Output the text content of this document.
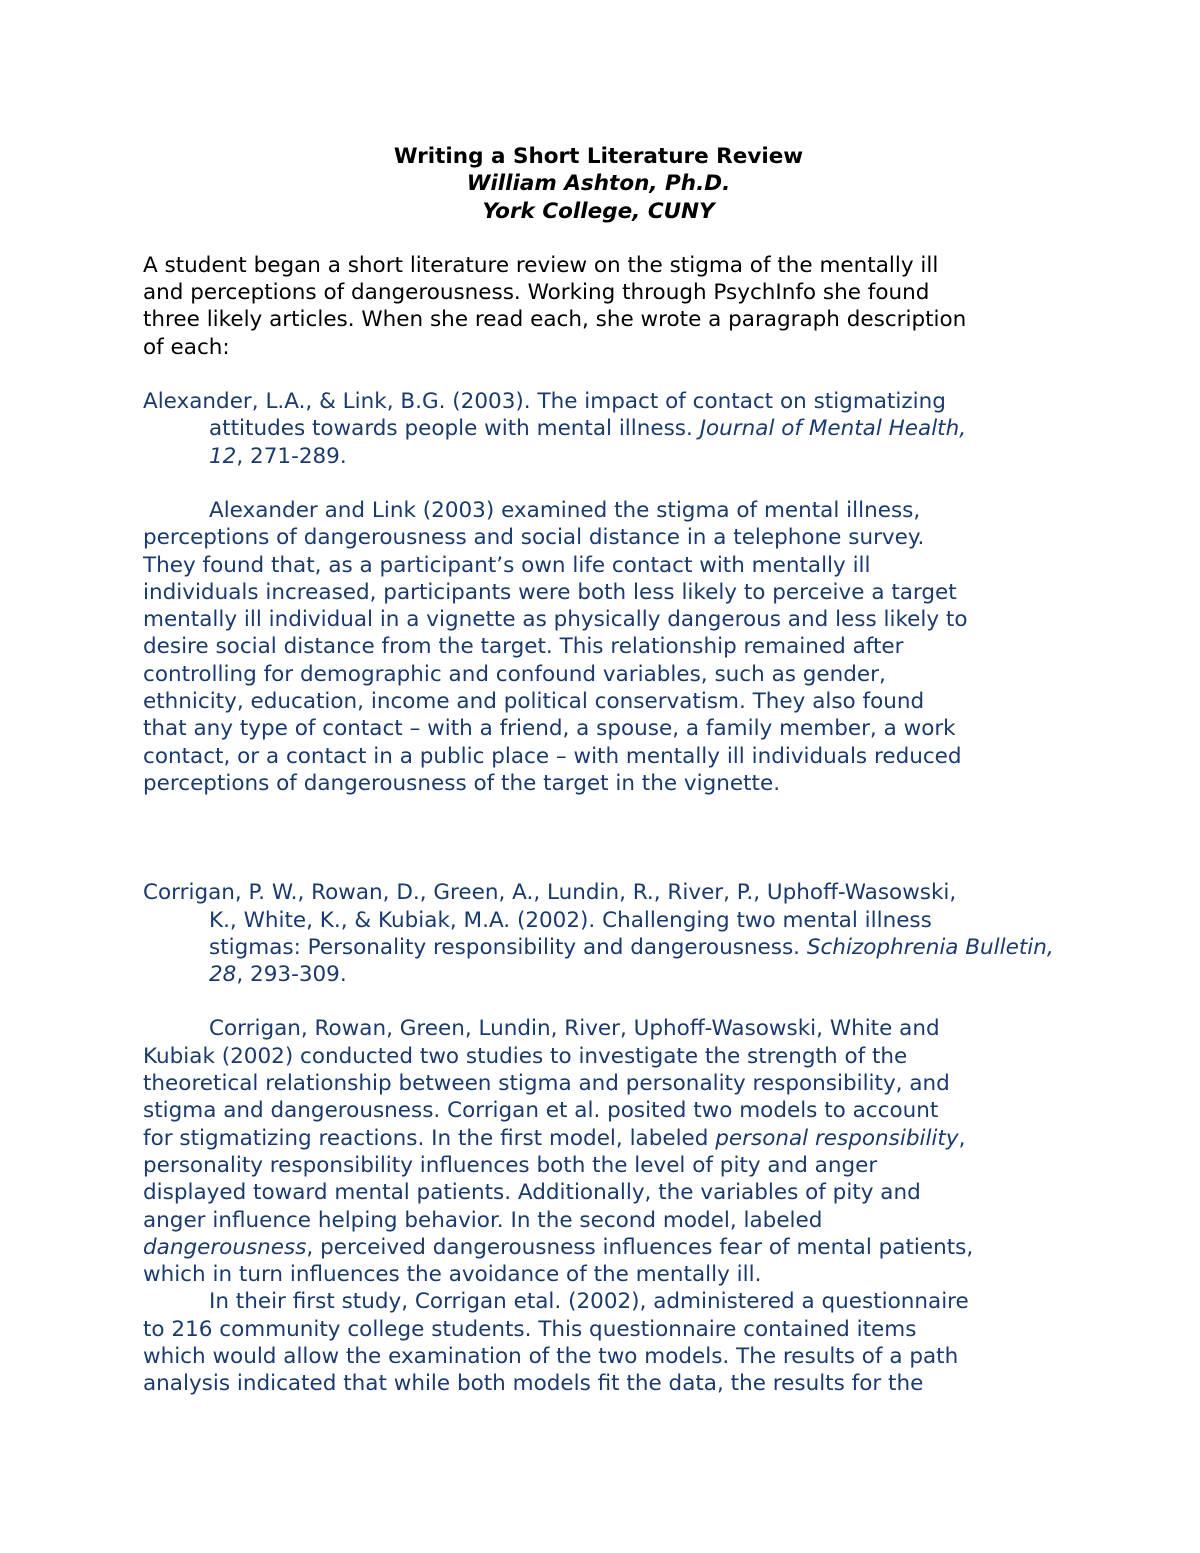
Writing a Short Literature Review
William Ashton, Ph.D.
York College, CUNY
A student began a short literature review on the stigma of the mentally ill
and perceptions of dangerousness. Working through PsychInfo she found
three likely articles. When she read each, she wrote a paragraph description
of each:
Alexander, L.A., & Link, B.G. (2003). The impact of contact on stigmatizing
attitudes towards people with mental illness. Journal of Mental Health,
12, 271-289.
Alexander and Link (2003) examined the stigma of mental illness,
perceptions of dangerousness and social distance in a telephone survey.
They found that, as a participant’s own life contact with mentally ill
individuals increased, participants were both less likely to perceive a target
mentally ill individual in a vignette as physically dangerous and less likely to
desire social distance from the target. This relationship remained after
controlling for demographic and confound variables, such as gender,
ethnicity, education, income and political conservatism. They also found
that any type of contact – with a friend, a spouse, a family member, a work
contact, or a contact in a public place – with mentally ill individuals reduced
perceptions of dangerousness of the target in the vignette.
Corrigan, P. W., Rowan, D., Green, A., Lundin, R., River, P., Uphoff-Wasowski,
K., White, K., & Kubiak, M.A. (2002). Challenging two mental illness
stigmas: Personality responsibility and dangerousness. Schizophrenia Bulletin, 28, 293-309.
Corrigan, Rowan, Green, Lundin, River, Uphoff-Wasowski, White and
Kubiak (2002) conducted two studies to investigate the strength of the
theoretical relationship between stigma and personality responsibility, and
stigma and dangerousness. Corrigan et al. posited two models to account
for stigmatizing reactions. In the first model, labeled personal responsibility,
personality responsibility influences both the level of pity and anger
displayed toward mental patients. Additionally, the variables of pity and
anger influence helping behavior. In the second model, labeled
dangerousness, perceived dangerousness influences fear of mental patients,
which in turn influences the avoidance of the mentally ill.
In their first study, Corrigan etal. (2002), administered a questionnaire
to 216 community college students. This questionnaire contained items
which would allow the examination of the two models. The results of a path
analysis indicated that while both models fit the data, the results for the
